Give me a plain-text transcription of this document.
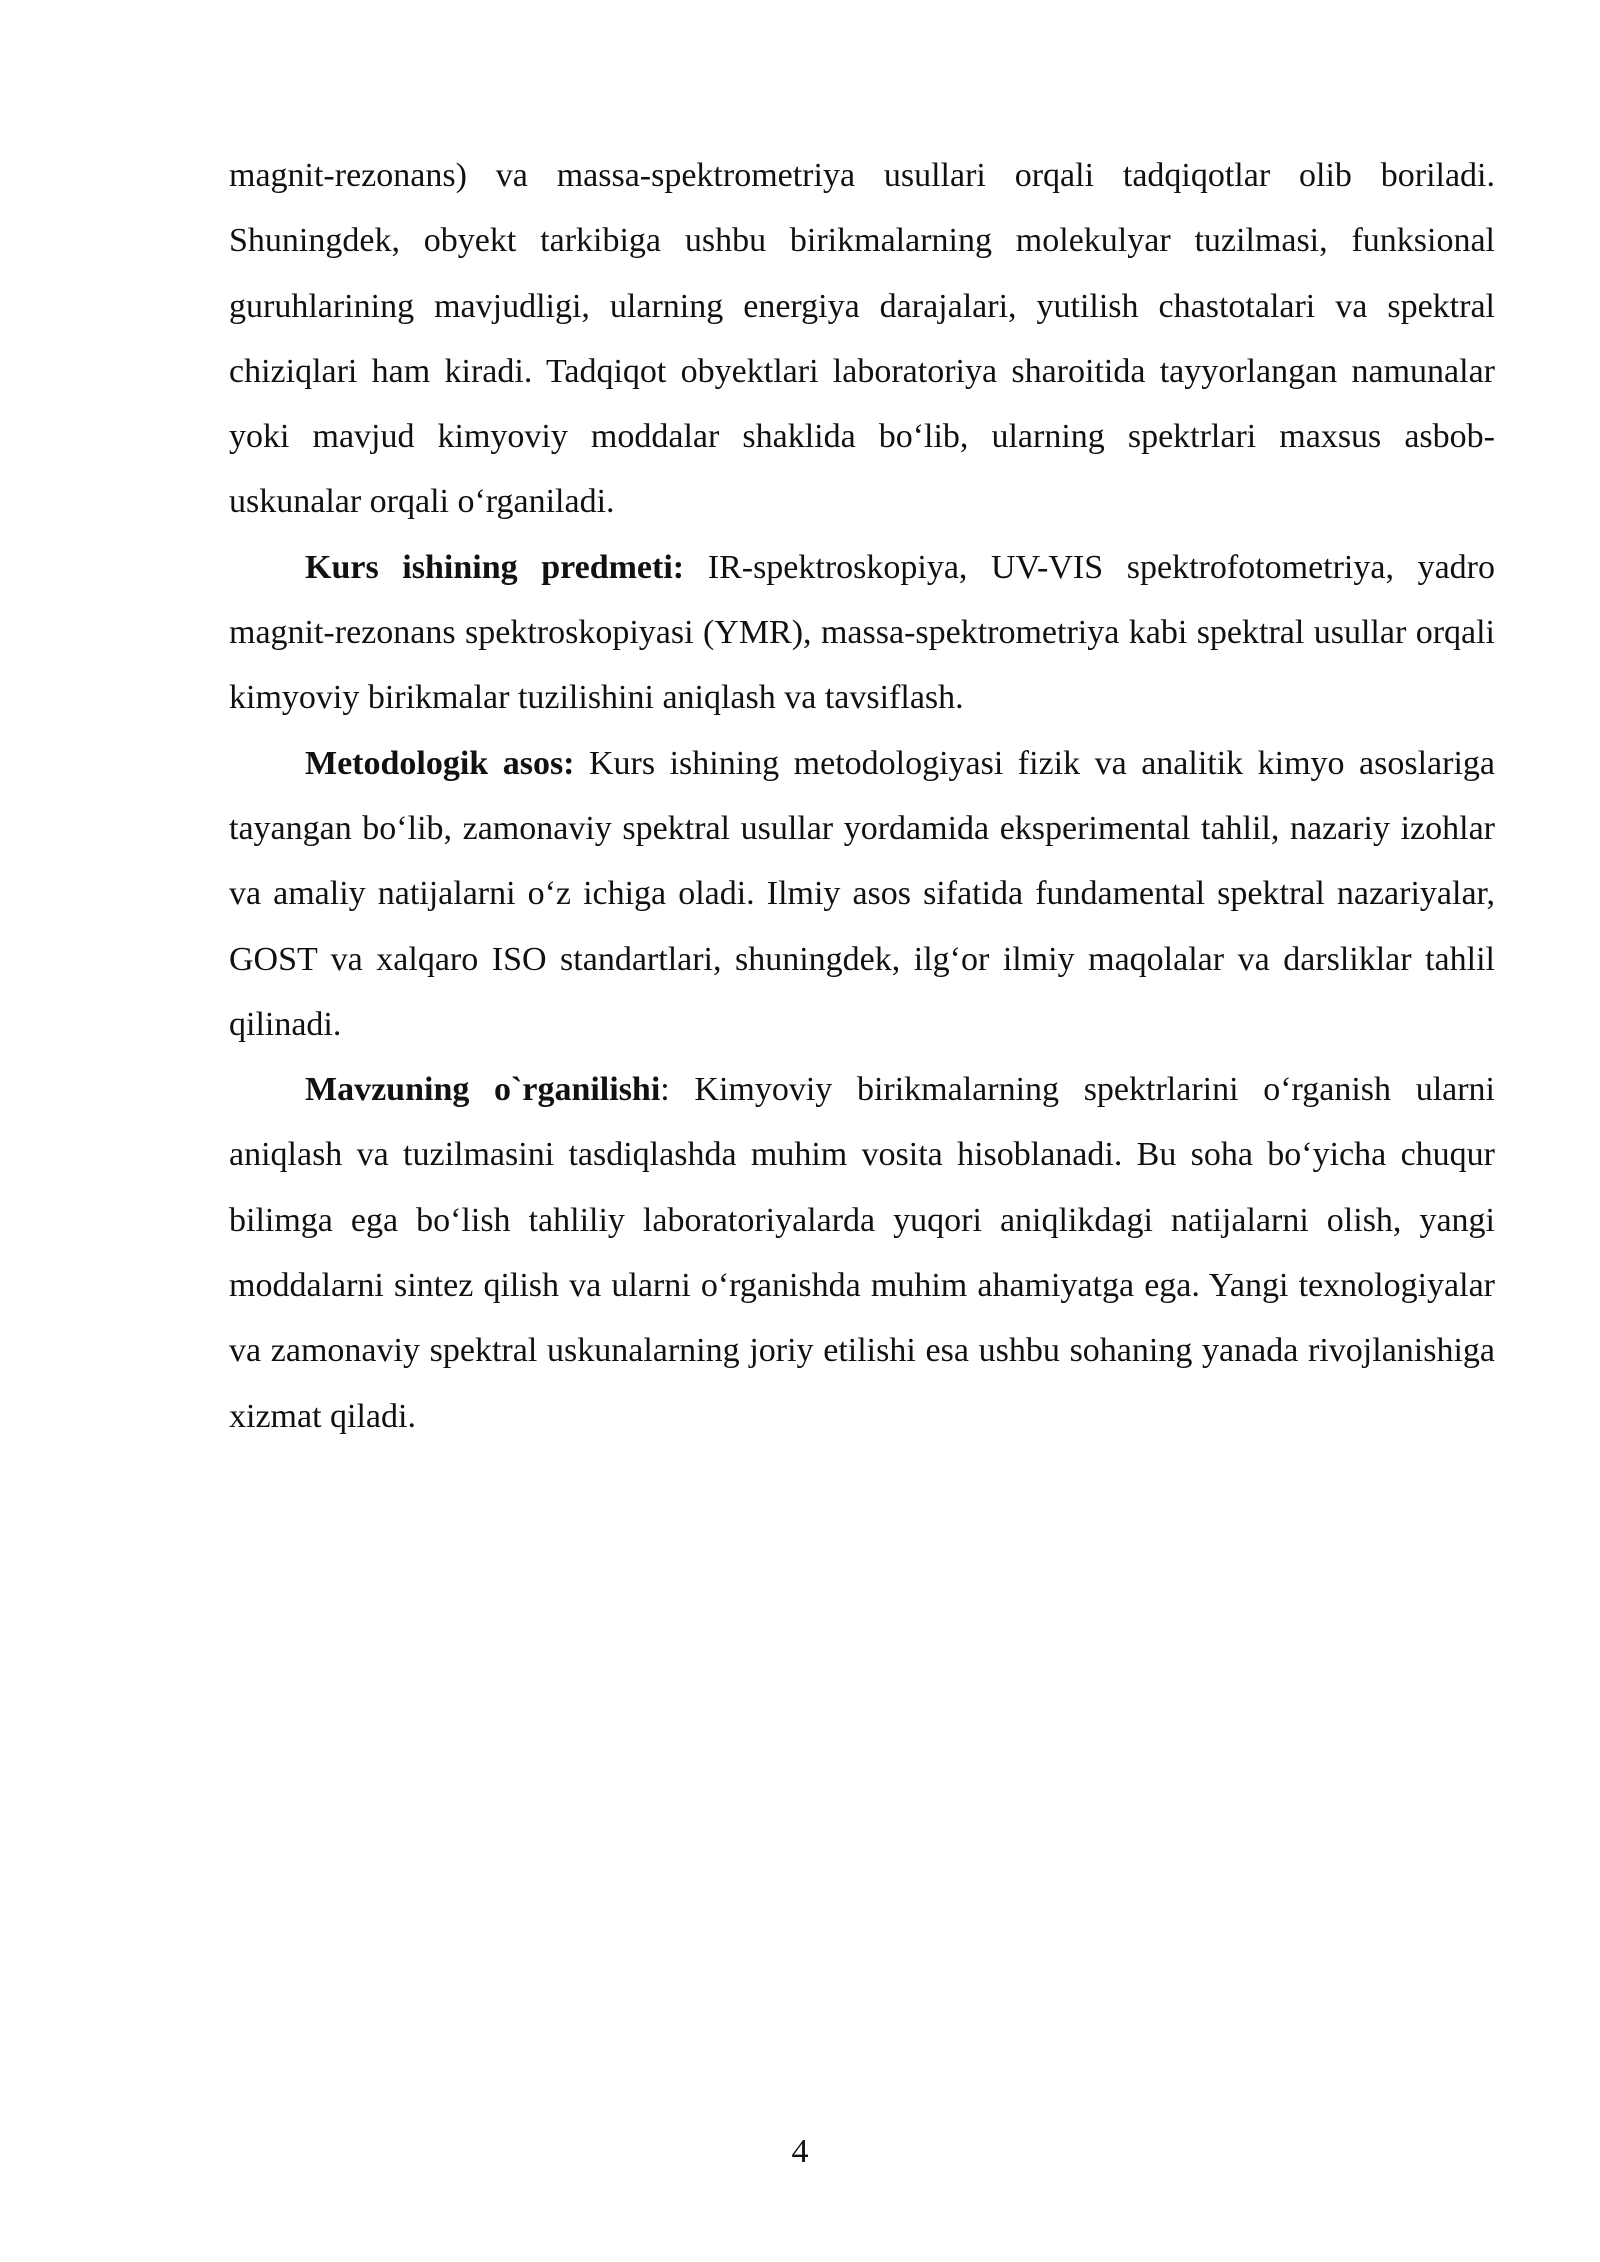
magnit-rezonans) va massa-spektrometriya usullari orqali tadqiqotlar olib boriladi. Shuningdek, obyekt tarkibiga ushbu birikmalarning molekulyar tuzilmasi, funksional guruhlarining mavjudligi, ularning energiya darajalari, yutilish chastotalari va spektral chiziqlari ham kiradi. Tadqiqot obyektlari laboratoriya sharoitida tayyorlangan namunalar yoki mavjud kimyoviy moddalar shaklida bo‘lib, ularning spektrlari maxsus asbob-uskunalar orqali o‘rganiladi.

Kurs ishining predmeti: IR-spektroskopiya, UV-VIS spektrofotometriya, yadro magnit-rezonans spektroskopiyasi (YMR), massa-spektrometriya kabi spektral usullar orqali kimyoviy birikmalar tuzilishini aniqlash va tavsiflash.

Metodologik asos: Kurs ishining metodologiyasi fizik va analitik kimyo asoslariga tayangan bo‘lib, zamonaviy spektral usullar yordamida eksperimental tahlil, nazariy izohlar va amaliy natijalarni o‘z ichiga oladi. Ilmiy asos sifatida fundamental spektral nazariyalar, GOST va xalqaro ISO standartlari, shuningdek, ilg‘or ilmiy maqolalar va darsliklar tahlil qilinadi.

Mavzuning o`rganilishi: Kimyoviy birikmalarning spektrlarini o‘rganish ularni aniqlash va tuzilmasini tasdiqlashda muhim vosita hisoblanadi. Bu soha bo‘yicha chuqur bilimga ega bo‘lish tahliliy laboratoriyalarda yuqori aniqlikdagi natijalarni olish, yangi moddalarni sintez qilish va ularni o‘rganishda muhim ahamiyatga ega. Yangi texnologiyalar va zamonaviy spektral uskunalarning joriy etilishi esa ushbu sohaning yanada rivojlanishiga xizmat qiladi.

4
